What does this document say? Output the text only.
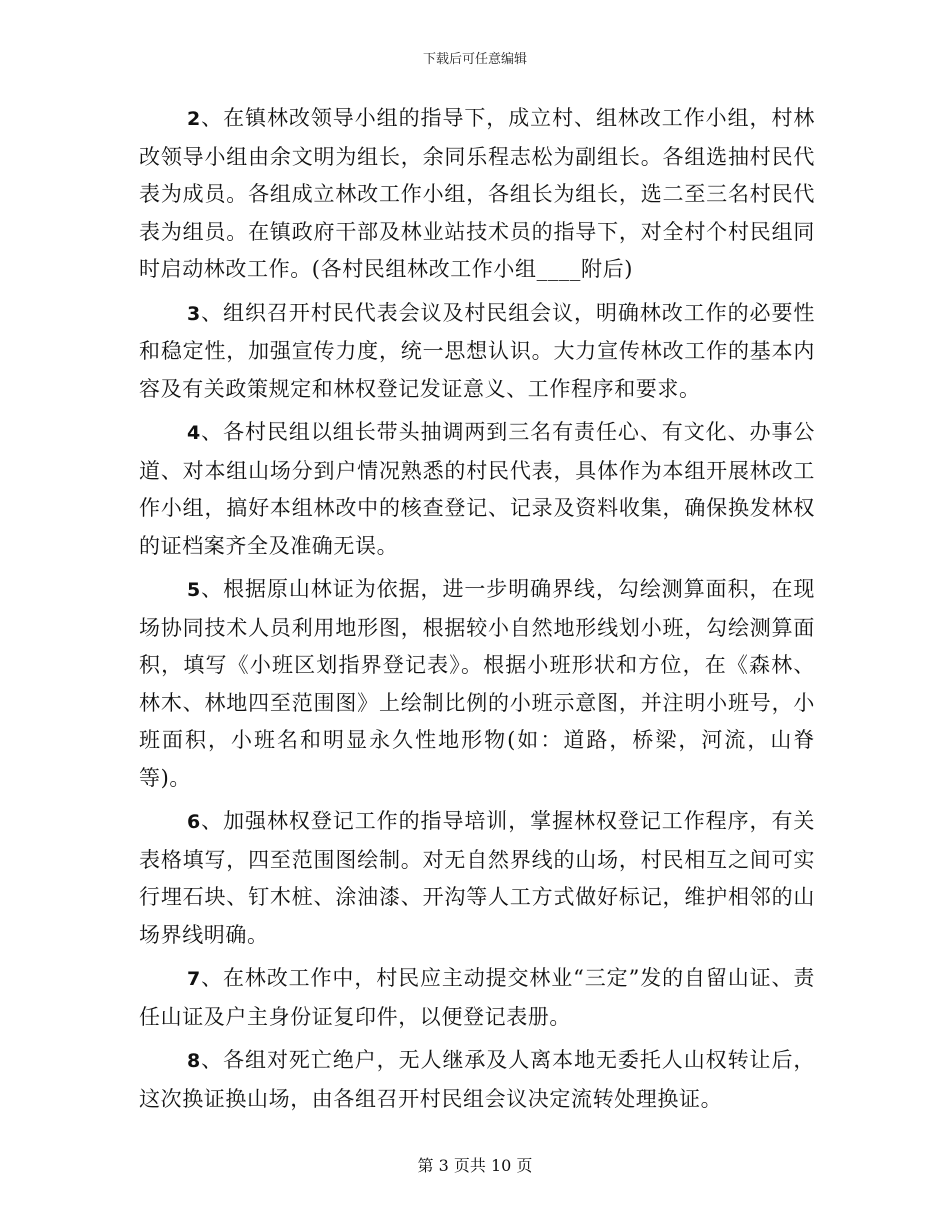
下载后可任意编辑

2、在镇林改领导小组的指导下，成立村、组林改工作小组，村林改领导小组由余文明为组长，余同乐程志松为副组长。各组选抽村民代表为成员。各组成立林改工作小组，各组长为组长，选二至三名村民代表为组员。在镇政府干部及林业站技术员的指导下，对全村个村民组同时启动林改工作。(各村民组林改工作小组____附后)

3、组织召开村民代表会议及村民组会议，明确林改工作的必要性和稳定性，加强宣传力度，统一思想认识。大力宣传林改工作的基本内容及有关政策规定和林权登记发证意义、工作程序和要求。

4、各村民组以组长带头抽调两到三名有责任心、有文化、办事公道、对本组山场分到户情况熟悉的村民代表，具体作为本组开展林改工作小组，搞好本组林改中的核查登记、记录及资料收集，确保换发林权的证档案齐全及准确无误。

5、根据原山林证为依据，进一步明确界线，勾绘测算面积，在现场协同技术人员利用地形图，根据较小自然地形线划小班，勾绘测算面积，填写《小班区划指界登记表》。根据小班形状和方位，在《森林、林木、林地四至范围图》上绘制比例的小班示意图，并注明小班号，小班面积，小班名和明显永久性地形物(如：道路，桥梁，河流，山脊等)。

6、加强林权登记工作的指导培训，掌握林权登记工作程序，有关表格填写，四至范围图绘制。对无自然界线的山场，村民相互之间可实行埋石块、钉木桩、涂油漆、开沟等人工方式做好标记，维护相邻的山场界线明确。

7、在林改工作中，村民应主动提交林业“三定”发的自留山证、责任山证及户主身份证复印件，以便登记表册。

8、各组对死亡绝户，无人继承及人离本地无委托人山权转让后，这次换证换山场，由各组召开村民组会议决定流转处理换证。

第 3 页共 10 页
